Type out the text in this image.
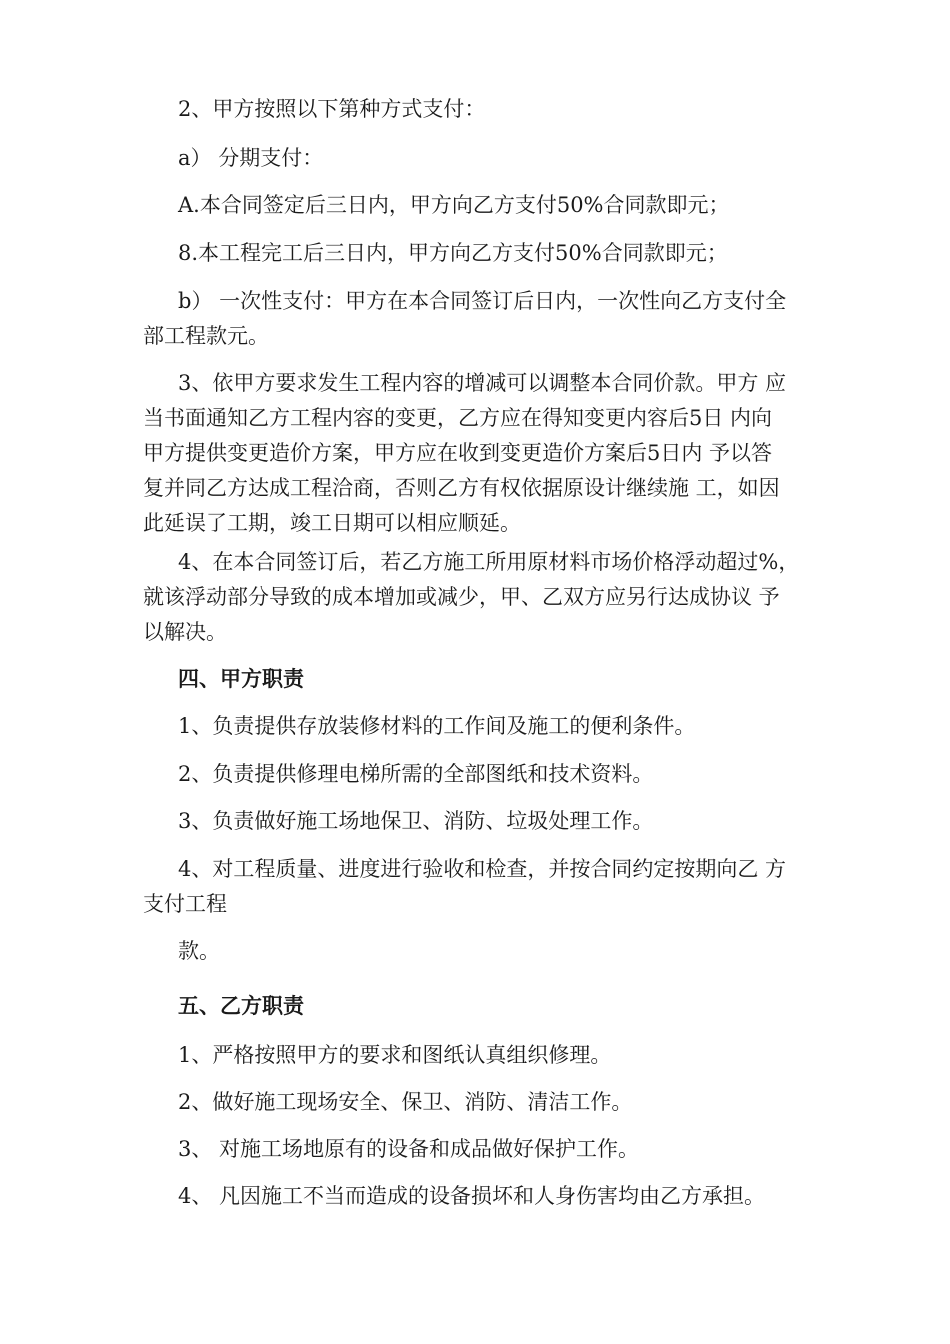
2、甲方按照以下第种方式支付：

a） 分期支付：

A.本合同签定后三日内，甲方向乙方支付50%合同款即元；

8.本工程完工后三日内，甲方向乙方支付50%合同款即元；

b） 一次性支付：甲方在本合同签订后日内，一次性向乙方支付全
部工程款元。

3、依甲方要求发生工程内容的增减可以调整本合同价款。甲方 应
当书面通知乙方工程内容的变更，乙方应在得知变更内容后5日 内向
甲方提供变更造价方案，甲方应在收到变更造价方案后5日内 予以答
复并同乙方达成工程洽商，否则乙方有权依据原设计继续施 工，如因
此延误了工期，竣工日期可以相应顺延。

4、在本合同签订后，若乙方施工所用原材料市场价格浮动超过%，
就该浮动部分导致的成本增加或减少，甲、乙双方应另行达成协议 予
以解决。

四、甲方职责

1、负责提供存放装修材料的工作间及施工的便利条件。

2、负责提供修理电梯所需的全部图纸和技术资料。

3、负责做好施工场地保卫、消防、垃圾处理工作。

4、对工程质量、进度进行验收和检查，并按合同约定按期向乙 方
支付工程

款。

五、乙方职责

1、严格按照甲方的要求和图纸认真组织修理。

2、做好施工现场安全、保卫、消防、清洁工作。

3、 对施工场地原有的设备和成品做好保护工作。

4、 凡因施工不当而造成的设备损坏和人身伤害均由乙方承担。
